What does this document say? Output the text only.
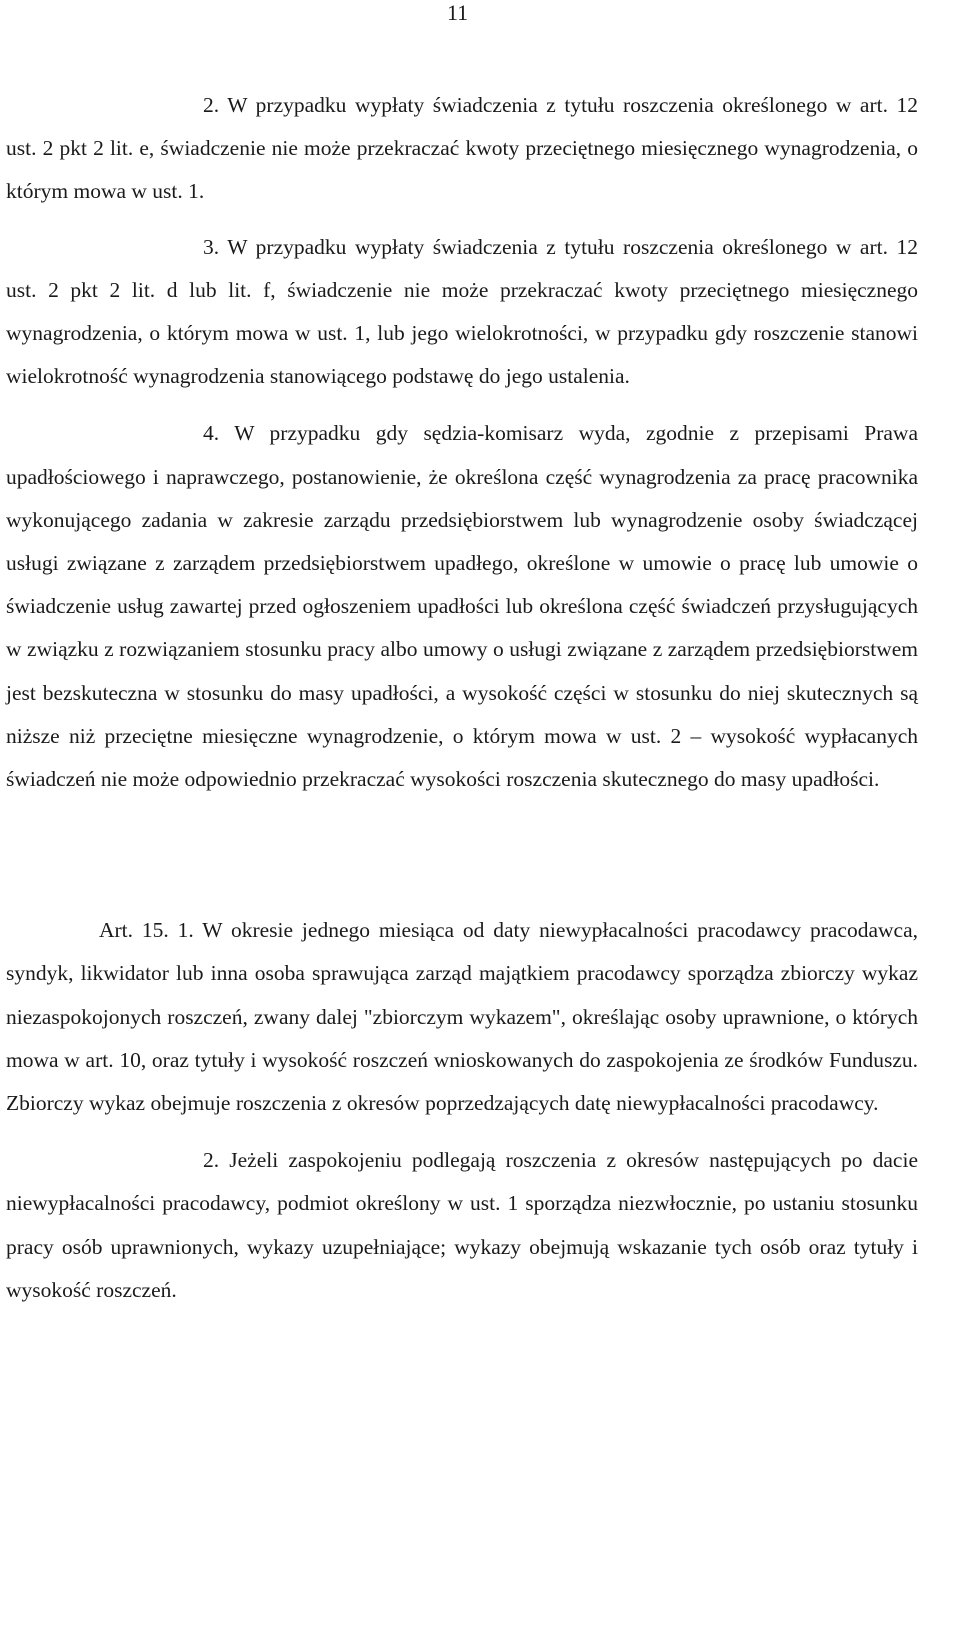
11

2. W przypadku wypłaty świadczenia z tytułu roszczenia określonego w art. 12 ust. 2 pkt 2 lit. e, świadczenie nie może przekraczać kwoty przeciętnego miesięcznego wynagrodzenia, o którym mowa w ust. 1.

3. W przypadku wypłaty świadczenia z tytułu roszczenia określonego w art. 12 ust. 2 pkt 2 lit. d lub lit. f, świadczenie nie może przekraczać kwoty przeciętnego miesięcznego wynagrodzenia, o którym mowa w ust. 1, lub jego wielokrotności, w przypadku gdy roszczenie stanowi wielokrotność wynagrodzenia stanowiącego podstawę do jego ustalenia.

4. W przypadku gdy sędzia-komisarz wyda, zgodnie z przepisami Prawa upadłościowego i naprawczego, postanowienie, że określona część wynagrodzenia za pracę pracownika wykonującego zadania w zakresie zarządu przedsiębiorstwem lub wynagrodzenie osoby świadczącej usługi związane z zarządem przedsiębiorstwem upadłego, określone w umowie o pracę lub umowie o świadczenie usług zawartej przed ogłoszeniem upadłości lub określona część świadczeń przysługujących w związku z rozwiązaniem stosunku pracy albo umowy o usługi związane z zarządem przedsiębiorstwem jest bezskuteczna w stosunku do masy upadłości, a wysokość części w stosunku do niej skutecznych są niższe niż przeciętne miesięczne wynagrodzenie, o którym mowa w ust. 2 – wysokość wypłacanych świadczeń nie może odpowiednio przekraczać wysokości roszczenia skutecznego do masy upadłości.

Art. 15. 1. W okresie jednego miesiąca od daty niewypłacalności pracodawcy pracodawca, syndyk, likwidator lub inna osoba sprawująca zarząd majątkiem pracodawcy sporządza zbiorczy wykaz niezaspokojonych roszczeń, zwany dalej "zbiorczym wykazem", określając osoby uprawnione, o których mowa w art. 10, oraz tytuły i wysokość roszczeń wnioskowanych do zaspokojenia ze środków Funduszu. Zbiorczy wykaz obejmuje roszczenia z okresów poprzedzających datę niewypłacalności pracodawcy.

2. Jeżeli zaspokojeniu podlegają roszczenia z okresów następujących po dacie niewypłacalności pracodawcy, podmiot określony w ust. 1 sporządza niezwłocznie, po ustaniu stosunku pracy osób uprawnionych, wykazy uzupełniające; wykazy obejmują wskazanie tych osób oraz tytuły i wysokość roszczeń.
